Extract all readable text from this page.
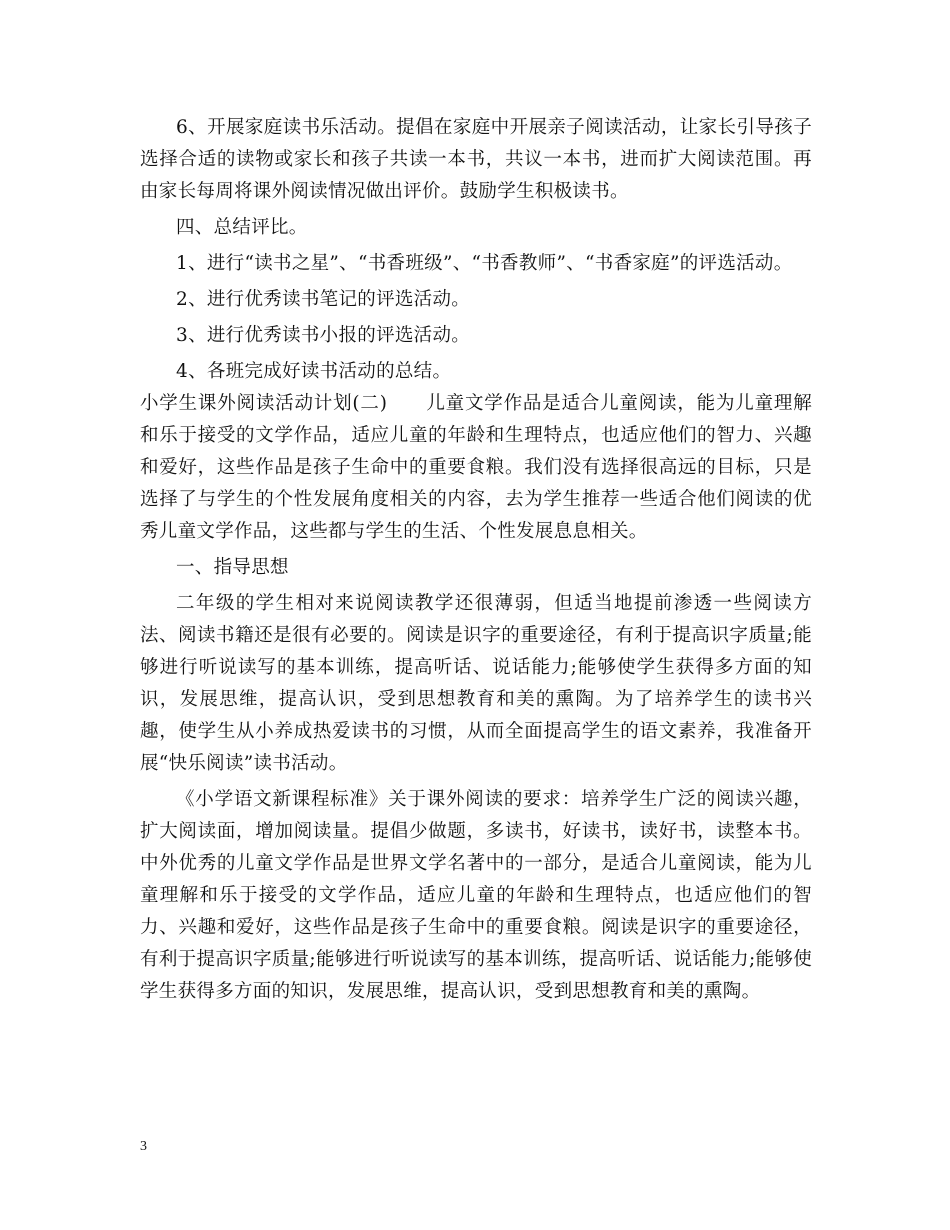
6、开展家庭读书乐活动。提倡在家庭中开展亲子阅读活动，让家长引导孩子选择合适的读物或家长和孩子共读一本书，共议一本书，进而扩大阅读范围。再由家长每周将课外阅读情况做出评价。鼓励学生积极读书。

四、总结评比。

1、进行“读书之星”、“书香班级”、“书香教师”、“书香家庭”的评选活动。

2、进行优秀读书笔记的评选活动。

3、进行优秀读书小报的评选活动。

4、各班完成好读书活动的总结。

小学生课外阅读活动计划(二)　　儿童文学作品是适合儿童阅读，能为儿童理解和乐于接受的文学作品，适应儿童的年龄和生理特点，也适应他们的智力、兴趣和爱好，这些作品是孩子生命中的重要食粮。我们没有选择很高远的目标，只是选择了与学生的个性发展角度相关的内容，去为学生推荐一些适合他们阅读的优秀儿童文学作品，这些都与学生的生活、个性发展息息相关。

一、指导思想

二年级的学生相对来说阅读教学还很薄弱，但适当地提前渗透一些阅读方法、阅读书籍还是很有必要的。阅读是识字的重要途径，有利于提高识字质量;能够进行听说读写的基本训练，提高听话、说话能力;能够使学生获得多方面的知识，发展思维，提高认识，受到思想教育和美的熏陶。为了培养学生的读书兴趣，使学生从小养成热爱读书的习惯，从而全面提高学生的语文素养，我准备开展“快乐阅读”读书活动。

《小学语文新课程标准》关于课外阅读的要求：培养学生广泛的阅读兴趣，扩大阅读面，增加阅读量。提倡少做题，多读书，好读书，读好书，读整本书。中外优秀的儿童文学作品是世界文学名著中的一部分，是适合儿童阅读，能为儿童理解和乐于接受的文学作品，适应儿童的年龄和生理特点，也适应他们的智力、兴趣和爱好，这些作品是孩子生命中的重要食粮。阅读是识字的重要途径，有利于提高识字质量;能够进行听说读写的基本训练，提高听话、说话能力;能够使学生获得多方面的知识，发展思维，提高认识，受到思想教育和美的熏陶。

3
